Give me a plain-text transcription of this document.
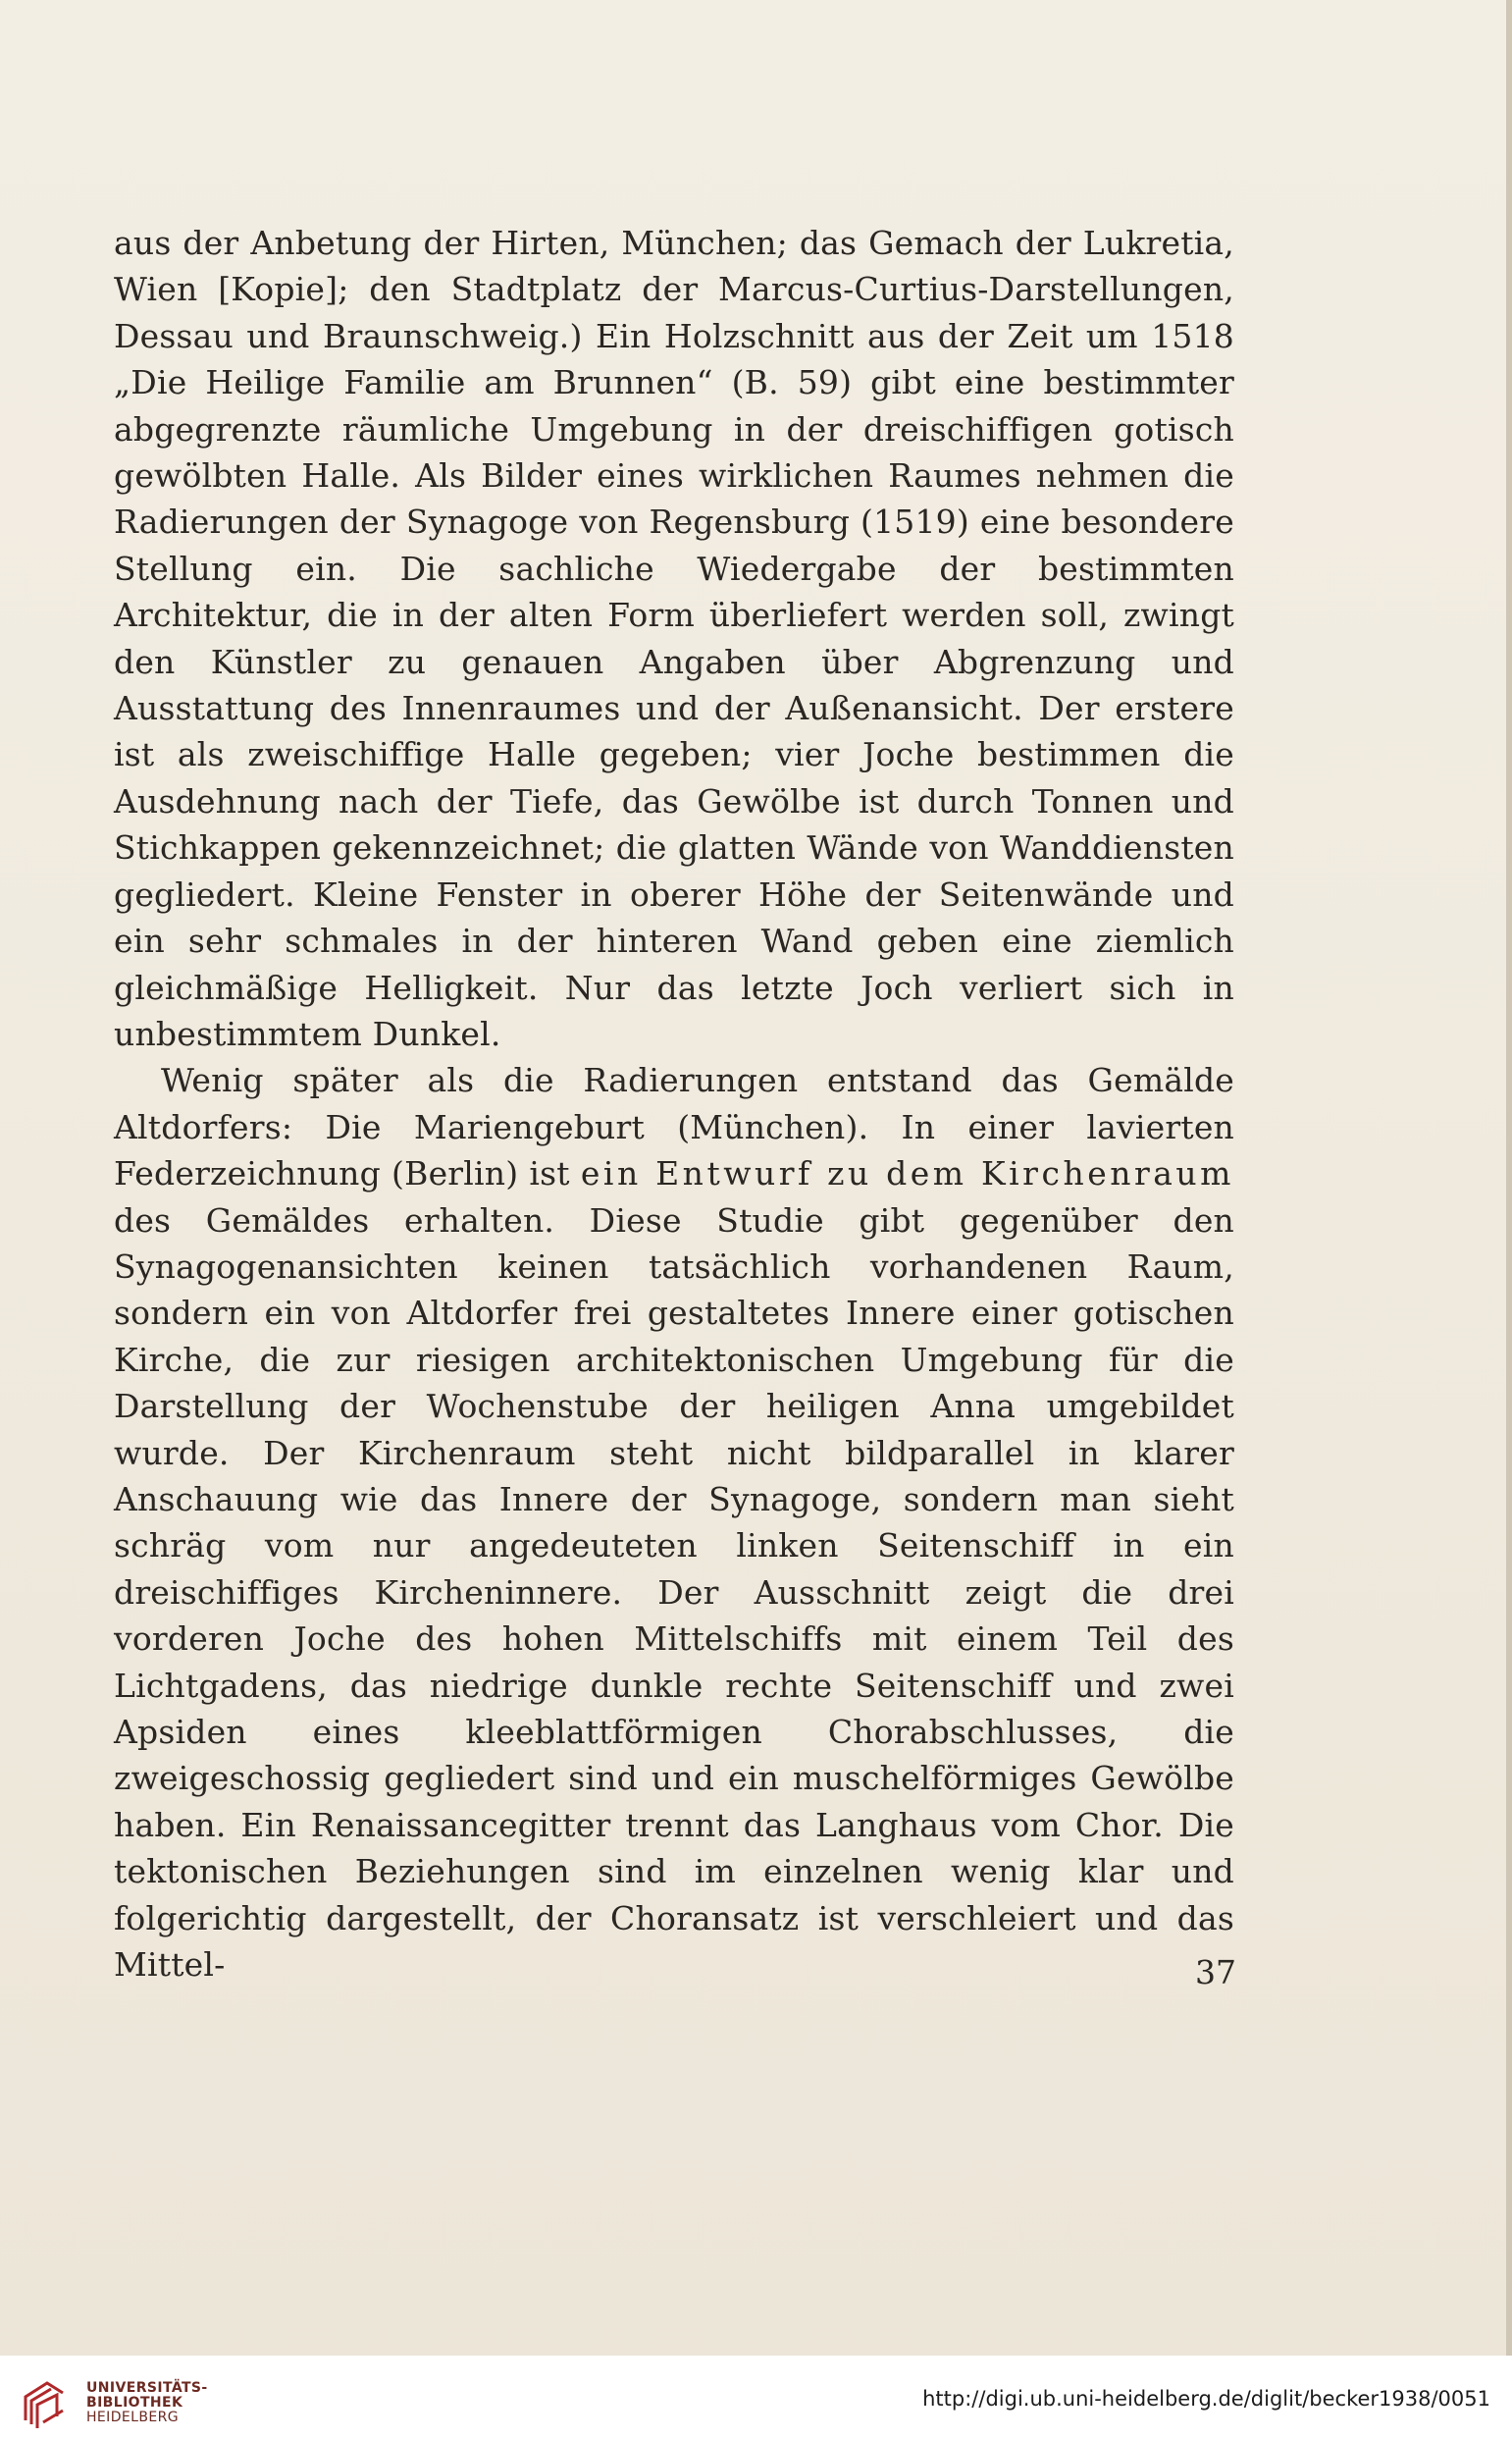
aus der Anbetung der Hirten, München; das Gemach der Lukretia, Wien [Kopie]; den Stadtplatz der Marcus-Curtius-Darstellungen, Dessau und Braunschweig.) Ein Holzschnitt aus der Zeit um 1518 „Die Heilige Familie am Brunnen“ (B. 59) gibt eine bestimmter abgegrenzte räumliche Umgebung in der dreischiffigen gotisch gewölbten Halle. Als Bilder eines wirklichen Raumes nehmen die Radierungen der Synagoge von Regensburg (1519) eine besondere Stellung ein. Die sachliche Wiedergabe der bestimmten Architektur, die in der alten Form überliefert werden soll, zwingt den Künstler zu genauen Angaben über Abgrenzung und Ausstattung des Innenraumes und der Außenansicht. Der erstere ist als zweischiffige Halle gegeben; vier Joche bestimmen die Ausdehnung nach der Tiefe, das Gewölbe ist durch Tonnen und Stichkappen gekennzeichnet; die glatten Wände von Wanddiensten gegliedert. Kleine Fenster in oberer Höhe der Seitenwände und ein sehr schmales in der hinteren Wand geben eine ziemlich gleichmäßige Helligkeit. Nur das letzte Joch verliert sich in unbestimmtem Dunkel.

Wenig später als die Radierungen entstand das Gemälde Altdorfers: Die Mariengeburt (München). In einer lavierten Federzeichnung (Berlin) ist ein Entwurf zu dem Kirchenraum des Gemäldes erhalten. Diese Studie gibt gegenüber den Synagogenansichten keinen tatsächlich vorhandenen Raum, sondern ein von Altdorfer frei gestaltetes Innere einer gotischen Kirche, die zur riesigen architektonischen Umgebung für die Darstellung der Wochenstube der heiligen Anna umgebildet wurde. Der Kirchenraum steht nicht bildparallel in klarer Anschauung wie das Innere der Synagoge, sondern man sieht schräg vom nur angedeuteten linken Seitenschiff in ein dreischiffiges Kircheninnere. Der Ausschnitt zeigt die drei vorderen Joche des hohen Mittelschiffs mit einem Teil des Lichtgadens, das niedrige dunkle rechte Seitenschiff und zwei Apsiden eines kleeblattförmigen Chorabschlusses, die zweigeschossig gegliedert sind und ein muschelförmiges Gewölbe haben. Ein Renaissancegitter trennt das Langhaus vom Chor. Die tektonischen Beziehungen sind im einzelnen wenig klar und folgerichtig dargestellt, der Choransatz ist verschleiert und das Mittel-	37
UNIVERSITÄTS-
BIBLIOTHEK
HEIDELBERG
http://digi.ub.uni-heidelberg.de/diglit/becker1938/0051
